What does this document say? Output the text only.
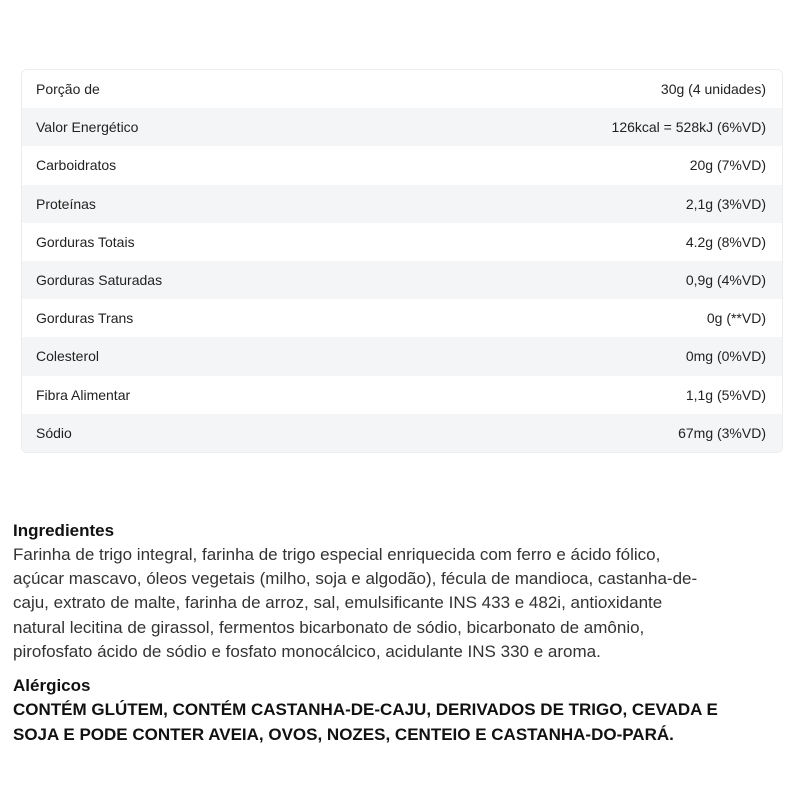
Porção de	30g (4 unidades)
Valor Energético	126kcal = 528kJ (6%VD)
Carboidratos	20g (7%VD)
Proteínas	2,1g (3%VD)
Gorduras Totais	4.2g (8%VD)
Gorduras Saturadas	0,9g (4%VD)
Gorduras Trans	0g (**VD)
Colesterol	0mg (0%VD)
Fibra Alimentar	1,1g (5%VD)
Sódio	67mg (3%VD)
Ingredientes
Farinha de trigo integral, farinha de trigo especial enriquecida com ferro e ácido fólico,
açúcar mascavo, óleos vegetais (milho, soja e algodão), fécula de mandioca, castanha-de-
caju, extrato de malte, farinha de arroz, sal, emulsificante INS 433 e 482i, antioxidante
natural lecitina de girassol, fermentos bicarbonato de sódio, bicarbonato de amônio,
pirofosfato ácido de sódio e fosfato monocálcico, acidulante INS 330 e aroma.
Alérgicos
CONTÉM GLÚTEM, CONTÉM CASTANHA-DE-CAJU, DERIVADOS DE TRIGO, CEVADA E
SOJA E PODE CONTER AVEIA, OVOS, NOZES, CENTEIO E CASTANHA-DO-PARÁ.
